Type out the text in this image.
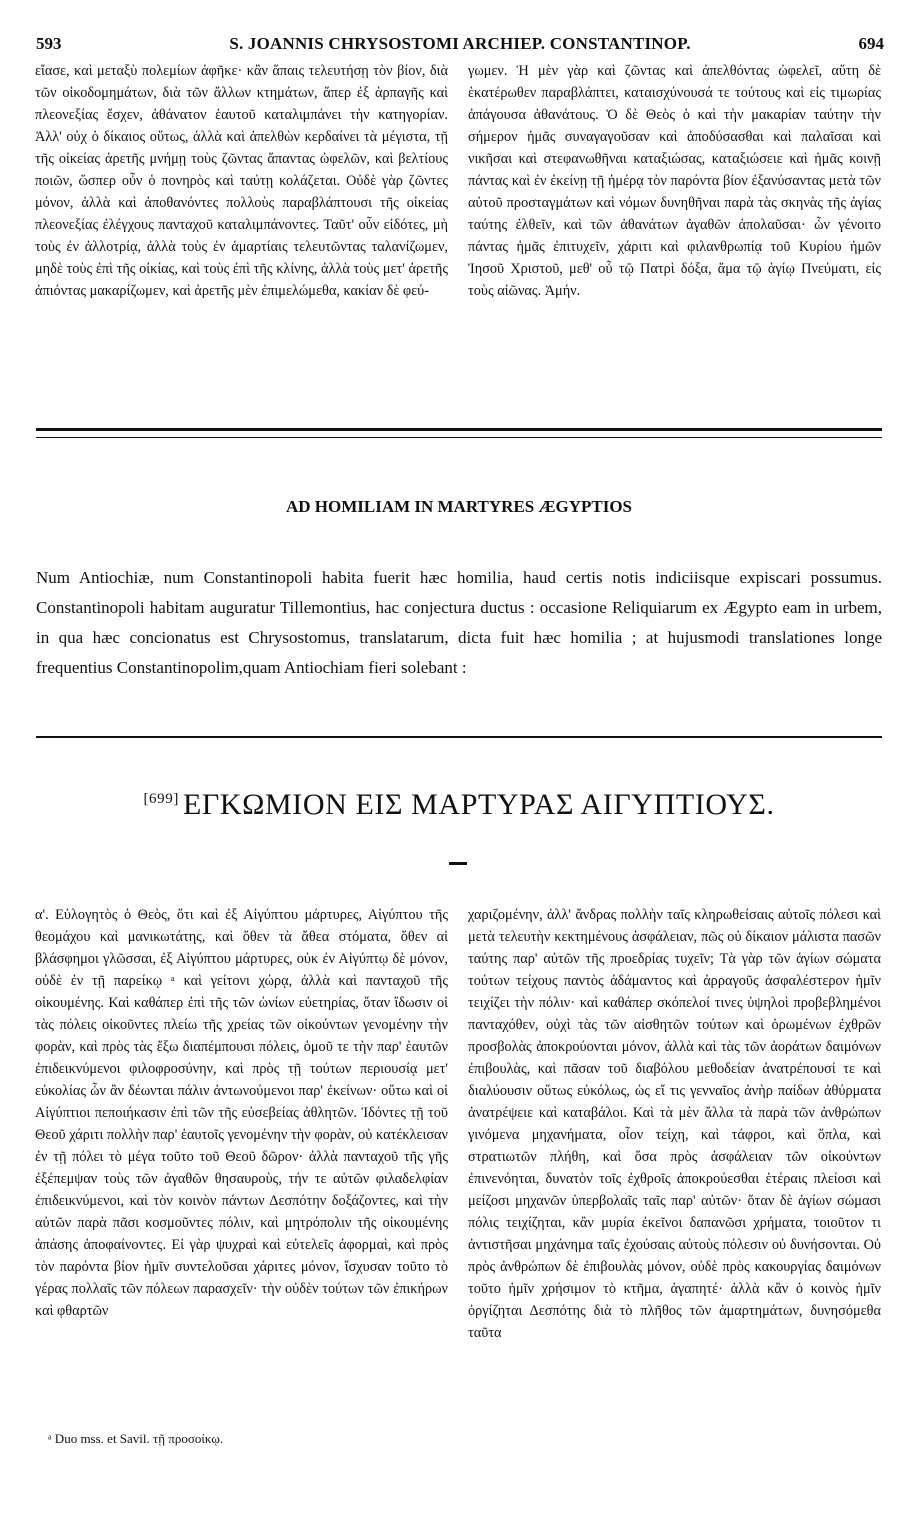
593	S. JOANNIS CHRYSOSTOMI ARCHIEP. CONSTANTINOP.	694

εἴασε, καὶ μεταξὺ πολεμίων ἀφῆκε· κἂν ἅπαις τελευτήσῃ τὸν βίον, διὰ τῶν οἰκοδομημάτων, διὰ τῶν ἄλλων κτημάτων, ἅπερ ἐξ ἁρπαγῆς καὶ πλεονεξίας ἔσχεν, ἀθάνατον ἑαυτοῦ καταλιμπάνει τὴν κατηγορίαν. Ἀλλ' οὐχ ὁ δίκαιος οὕτως, ἀλλὰ καὶ ἀπελθὼν κερδαίνει τὰ μέγιστα, τῇ τῆς οἰκείας ἀρετῆς μνήμῃ τοὺς ζῶντας ἅπαντας ὠφελῶν, καὶ βελτίους ποιῶν, ὥσπερ οὖν ὁ πονηρὸς καὶ ταύτῃ κολάζεται. Οὐδὲ γὰρ ζῶντες μόνον, ἀλλὰ καὶ ἀποθανόντες πολλοὺς παραβλάπτουσι τῆς οἰκείας πλεονεξίας ἐλέγχους πανταχοῦ καταλιμπάνοντες. Ταῦτ' οὖν εἰδότες, μὴ τοὺς ἐν ἀλλοτρίᾳ, ἀλλὰ τοὺς ἐν ἁμαρτίαις τελευτῶντας ταλανίζωμεν, μηδὲ τοὺς ἐπὶ τῆς οἰκίας, καὶ τοὺς ἐπὶ τῆς κλίνης, ἀλλὰ τοὺς μετ' ἀρετῆς ἀπιόντας μακαρίζωμεν, καὶ ἀρετῆς μὲν ἐπιμελώμεθα, κακίαν δὲ φεύ-

γωμεν. Ἡ μὲν γὰρ καὶ ζῶντας καὶ ἀπελθόντας ὠφελεῖ, αὕτη δὲ ἑκατέρωθεν παραβλάπτει, καταισχύνουσά τε τούτους καὶ εἰς τιμωρίας ἀπάγουσα ἀθανάτους. Ὁ δὲ Θεὸς ὁ καὶ τὴν μακαρίαν ταύτην τὴν σήμερον ἡμᾶς συναγαγοῦσαν καὶ ἀποδύσασθαι καὶ παλαῖσαι καὶ νικῆσαι καὶ στεφανωθῆναι καταξιώσας, καταξιώσειε καὶ ἡμᾶς κοινῇ πάντας καὶ ἐν ἐκείνῃ τῇ ἡμέρᾳ τὸν παρόντα βίον ἐξανύσαντας μετὰ τῶν αὐτοῦ προσταγμάτων καὶ νόμων δυνηθῆναι παρὰ τὰς σκηνὰς τῆς ἁγίας ταύτης ἐλθεῖν, καὶ τῶν ἀθανάτων ἀγαθῶν ἀπολαῦσαι· ὧν γένοιτο πάντας ἡμᾶς ἐπιτυχεῖν, χάριτι καὶ φιλανθρωπίᾳ τοῦ Κυρίου ἡμῶν Ἰησοῦ Χριστοῦ, μεθ' οὗ τῷ Πατρὶ δόξα, ἅμα τῷ ἁγίῳ Πνεύματι, εἰς τοὺς αἰῶνας. Ἀμήν.

AD HOMILIAM IN MARTYRES ÆGYPTIOS
Num Antiochiæ, num Constantinopoli habita fuerit hæc homilia, haud certis notis indiciisque expiscari possumus. Constantinopoli habitam auguratur Tillemontius, hac conjectura ductus : occasione Reliquiarum ex Ægypto eam in urbem, in qua hæc concionatus est Chrysostomus, translatarum, dicta fuit hæc homilia ; at hujusmodi translationes longe frequentius Constantinopolim,quam Antiochiam fieri solebant :
[699] ΕΓΚΩΜΙΟΝ ΕΙΣ ΜΑΡΤΥΡΑΣ ΑΙΓΥΠΤΙΟΥΣ.

α'. Εὐλογητὸς ὁ Θεὸς, ὅτι καὶ ἐξ Αἰγύπτου μάρτυρες, Αἰγύπτου τῆς θεομάχου καὶ μανικωτάτης, καὶ ὅθεν τὰ ἄθεα στόματα, ὅθεν αἱ βλάσφημοι γλῶσσαι, ἐξ Αἰγύπτου μάρτυρες, οὐκ ἐν Αἰγύπτῳ δὲ μόνον, οὐδὲ ἐν τῇ παρείκῳ ᵃ καὶ γείτονι χώρᾳ, ἀλλὰ καὶ πανταχοῦ τῆς οἰκουμένης. Καὶ καθάπερ ἐπὶ τῆς τῶν ὠνίων εὐετηρίας, ὅταν ἴδωσιν οἱ τὰς πόλεις οἰκοῦντες πλείω τῆς χρείας τῶν οἰκούντων γενομένην τὴν φορὰν, καὶ πρὸς τὰς ἔξω διαπέμπουσι πόλεις, ὁμοῦ τε τὴν παρ' ἑαυτῶν ἐπιδεικνύμενοι φιλοφροσύνην, καὶ πρὸς τῇ τούτων περιουσίᾳ μετ' εὐκολίας ὧν ἂν δέωνται πάλιν ἀντωνούμενοι παρ' ἐκείνων· οὕτω καὶ οἱ Αἰγύπτιοι πεποιήκασιν ἐπὶ τῶν τῆς εὐσεβείας ἀθλητῶν. Ἰδόντες τῇ τοῦ Θεοῦ χάριτι πολλὴν παρ' ἑαυτοῖς γενομένην τὴν φορὰν, οὐ κατέκλεισαν ἐν τῇ πόλει τὸ μέγα τοῦτο τοῦ Θεοῦ δῶρον· ἀλλὰ πανταχοῦ τῆς γῆς ἐξέπεμψαν τοὺς τῶν ἀγαθῶν θησαυροὺς, τήν τε αὐτῶν φιλαδελφίαν ἐπιδεικνύμενοι, καὶ τὸν κοινὸν πάντων Δεσπότην δοξάζοντες, καὶ τὴν αὐτῶν παρὰ πᾶσι κοσμοῦντες πόλιν, καὶ μητρόπολιν τῆς οἰκουμένης ἁπάσης ἀποφαίνοντες. Εἰ γὰρ ψυχραὶ καὶ εὐτελεῖς ἀφορμαὶ, καὶ πρὸς τὸν παρόντα βίον ἡμῖν συντελοῦσαι χάριτες μόνον, ἴσχυσαν τοῦτο τὸ γέρας πολλαῖς τῶν πόλεων παρασχεῖν· τὴν οὐδὲν τούτων τῶν ἐπικήρων καὶ φθαρτῶν

χαριζομένην, ἀλλ' ἄνδρας πολλὴν ταῖς κληρωθείσαις αὐτοῖς πόλεσι καὶ μετὰ τελευτὴν κεκτημένους ἀσφάλειαν, πῶς οὐ δίκαιον μάλιστα πασῶν ταύτης παρ' αὐτῶν τῆς προεδρίας τυχεῖν; Τὰ γὰρ τῶν ἁγίων σώματα τούτων τείχους παντὸς ἀδάμαντος καὶ ἀρραγοῦς ἀσφαλέστερον ἡμῖν τειχίζει τὴν πόλιν· καὶ καθάπερ σκόπελοί τινες ὑψηλοὶ προβεβλημένοι πανταχόθεν, οὐχὶ τὰς τῶν αἰσθητῶν τούτων καὶ ὁρωμένων ἐχθρῶν προσβολὰς ἀποκρούονται μόνον, ἀλλὰ καὶ τὰς τῶν ἀοράτων δαιμόνων ἐπιβουλὰς, καὶ πᾶσαν τοῦ διαβόλου μεθοδείαν ἀνατρέπουσί τε καὶ διαλύουσιν οὕτως εὐκόλως, ὡς εἴ τις γενναῖος ἀνὴρ παίδων ἀθύρματα ἀνατρέψειε καὶ καταβάλοι. Καὶ τὰ μὲν ἄλλα τὰ παρὰ τῶν ἀνθρώπων γινόμενα μηχανήματα, οἷον τείχη, καὶ τάφροι, καὶ ὅπλα, καὶ στρατιωτῶν πλήθη, καὶ ὅσα πρὸς ἀσφάλειαν τῶν οἰκούντων ἐπινενόηται, δυνατὸν τοῖς ἐχθροῖς ἀποκρούεσθαι ἑτέραις πλείοσι καὶ μείζοσι μηχανῶν ὑπερβολαῖς ταῖς παρ' αὐτῶν· ὅταν δὲ ἁγίων σώμασι πόλις τειχίζηται, κἂν μυρία ἐκεῖνοι δαπανῶσι χρήματα, τοιοῦτον τι ἀντιστῆσαι μηχάνημα ταῖς ἐχούσαις αὐτοὺς πόλεσιν οὐ δυνήσονται. Οὐ πρὸς ἀνθρώπων δὲ ἐπιβουλὰς μόνον, οὐδὲ πρὸς κακουργίας δαιμόνων τοῦτο ἡμῖν χρήσιμον τὸ κτῆμα, ἀγαπητέ· ἀλλὰ κἂν ὁ κοινὸς ἡμῖν ὀργίζηται Δεσπότης διὰ τὸ πλῆθος τῶν ἁμαρτημάτων, δυνησόμεθα ταῦτα

ᵃ Duo mss. et Savil. τῇ προσοίκῳ.
